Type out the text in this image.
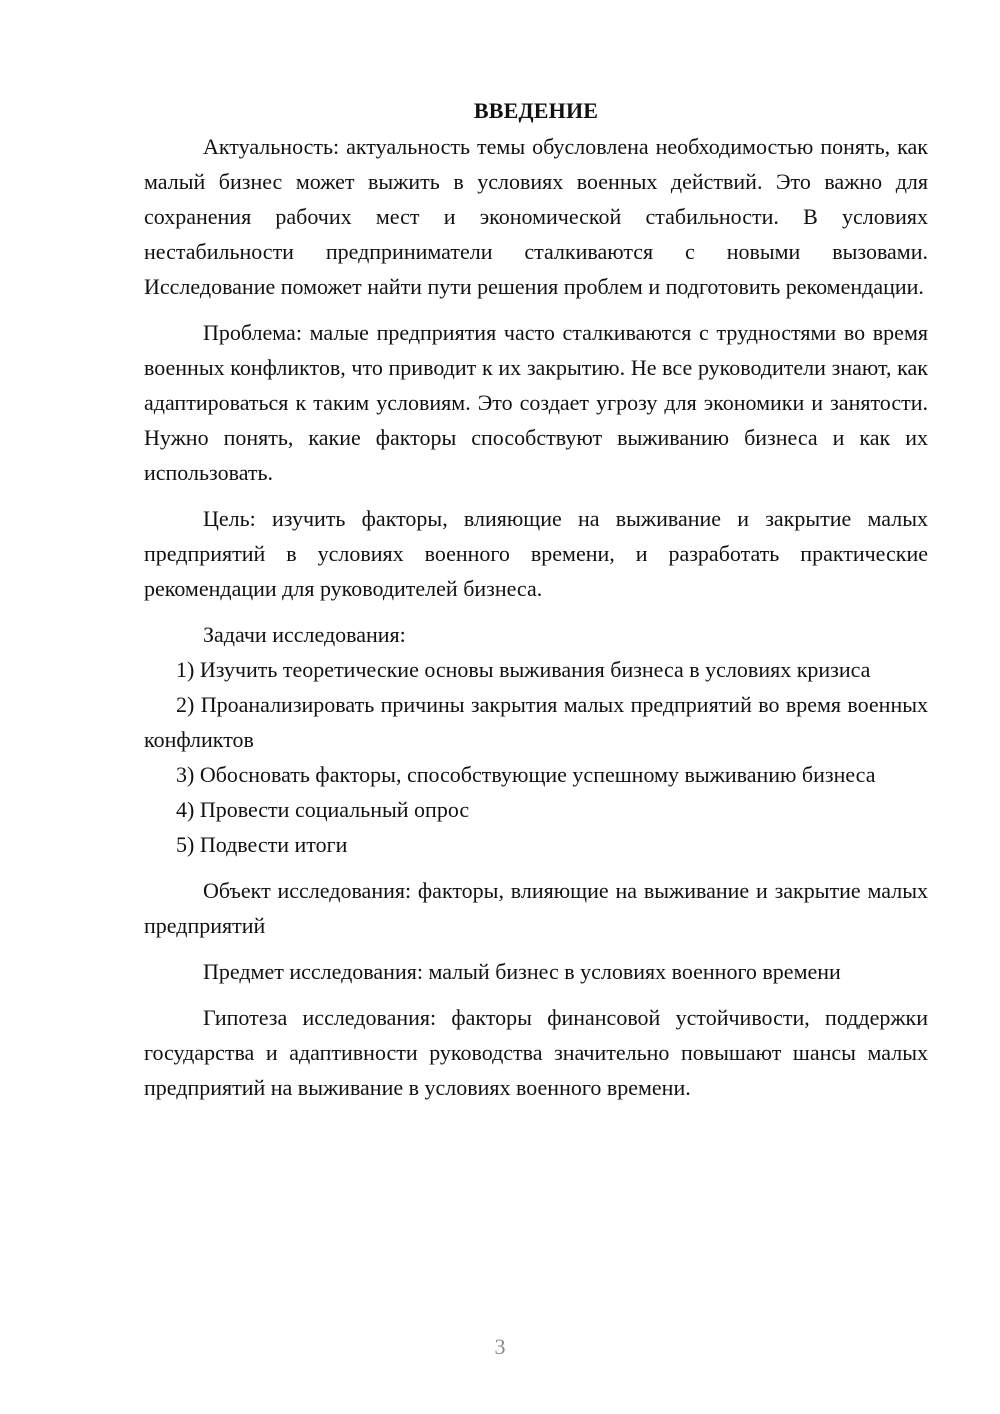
ВВЕДЕНИЕ

Актуальность: актуальность темы обусловлена необходимостью понять, как малый бизнес может выжить в условиях военных действий. Это важно для сохранения рабочих мест и экономической стабильности. В условиях нестабильности предприниматели сталкиваются с новыми вызовами. Исследование поможет найти пути решения проблем и подготовить рекомендации.

Проблема: малые предприятия часто сталкиваются с трудностями во время военных конфликтов, что приводит к их закрытию. Не все руководители знают, как адаптироваться к таким условиям. Это создает угрозу для экономики и занятости. Нужно понять, какие факторы способствуют выживанию бизнеса и как их использовать.

Цель: изучить факторы, влияющие на выживание и закрытие малых предприятий в условиях военного времени, и разработать практические рекомендации для руководителей бизнеса.

Задачи исследования:

1) Изучить теоретические основы выживания бизнеса в условиях кризиса

2) Проанализировать причины закрытия малых предприятий во время военных конфликтов

3) Обосновать факторы, способствующие успешному выживанию бизнеса

4) Провести социальный опрос

5) Подвести итоги

Объект исследования: факторы, влияющие на выживание и закрытие малых предприятий

Предмет исследования: малый бизнес в условиях военного времени

Гипотеза исследования: факторы финансовой устойчивости, поддержки государства и адаптивности руководства значительно повышают шансы малых предприятий на выживание в условиях военного времени.

3
